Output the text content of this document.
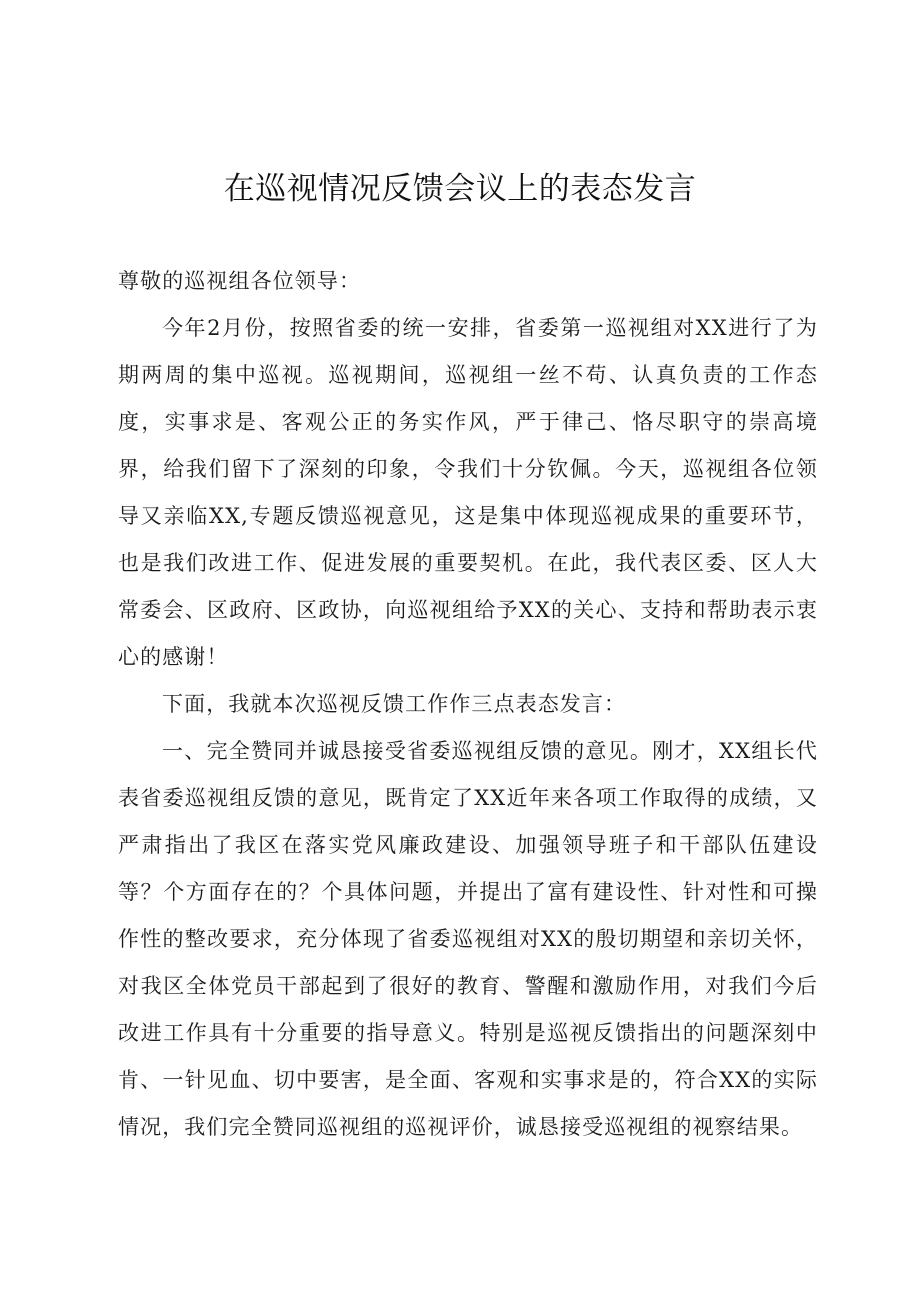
在巡视情况反馈会议上的表态发言

尊敬的巡视组各位领导：

今年2月份，按照省委的统一安排，省委第一巡视组对XX进行了为期两周的集中巡视。巡视期间，巡视组一丝不苟、认真负责的工作态度，实事求是、客观公正的务实作风，严于律己、恪尽职守的崇高境界，给我们留下了深刻的印象，令我们十分钦佩。今天，巡视组各位领导又亲临XX,专题反馈巡视意见，这是集中体现巡视成果的重要环节，也是我们改进工作、促进发展的重要契机。在此，我代表区委、区人大常委会、区政府、区政协，向巡视组给予XX的关心、支持和帮助表示衷心的感谢！

下面，我就本次巡视反馈工作作三点表态发言：

一、完全赞同并诚恳接受省委巡视组反馈的意见。刚才，XX组长代表省委巡视组反馈的意见，既肯定了XX近年来各项工作取得的成绩，又严肃指出了我区在落实党风廉政建设、加强领导班子和干部队伍建设等？个方面存在的？个具体问题，并提出了富有建设性、针对性和可操作性的整改要求，充分体现了省委巡视组对XX的殷切期望和亲切关怀，对我区全体党员干部起到了很好的教育、警醒和激励作用，对我们今后改进工作具有十分重要的指导意义。特别是巡视反馈指出的问题深刻中肯、一针见血、切中要害，是全面、客观和实事求是的，符合XX的实际情况，我们完全赞同巡视组的巡视评价，诚恳接受巡视组的视察结果。
